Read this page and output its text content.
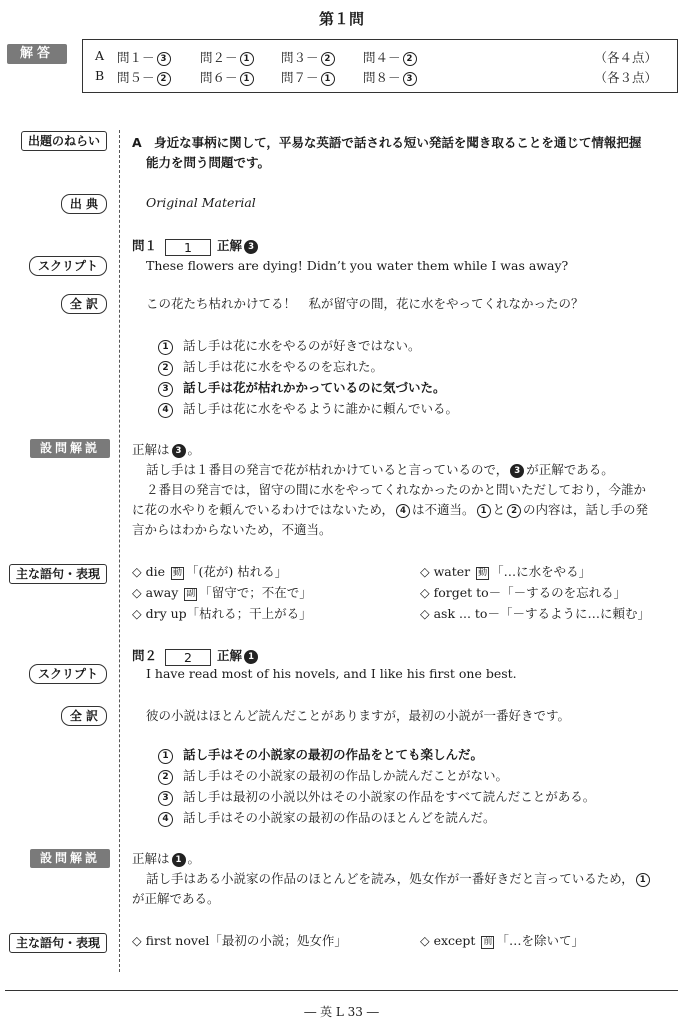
第１問
解答	A 問１－ 3	問２－ 1	問３－ 2	問４－ 2	（各４点）
B 問５－ 2	問６－ 1	問７－ 1	問８－ 3	（各３点）
出題のねらい	A　身近な事柄に関して，平易な英語で話される短い発話を聞き取ることを通じて情報把握
能力を問う問題です。
出 典	Original Material
問１ 1 正解 3
スクリプト	These flowers are dying! Didn’t you water them while I was away?
全 訳	この花たち枯れかけてる！　私が留守の間，花に水をやってくれなかったの？
1 話し手は花に水をやるのが好きではない。
2 話し手は花に水をやるのを忘れた。
3 話し手は花が枯れかかっているのに気づいた。
4 話し手は花に水をやるように誰かに頼んでいる。
設問解説	正解は 3 。
話し手は１番目の発言で花が枯れかけていると言っているので， 3 が正解である。
２番目の発言では，留守の間に水をやってくれなかったのかと問いただしており，今誰か
に花の水やりを頼んでいるわけではないため， 4 は不適当。 1 と 2 の内容は，話し手の発
言からはわからないため，不適当。
主な語句・表現	◇ die 動 「(花が) 枯れる」	◇ water 動 「…に水をやる」
◇ away 副 「留守で；不在で」	◇ forget to－「－するのを忘れる」
◇ dry up「枯れる；干上がる」	◇ ask ... to－「－するように…に頼む」
問２ 2 正解 1
スクリプト	I have read most of his novels, and I like his first one best.
全 訳	彼の小説はほとんど読んだことがありますが，最初の小説が一番好きです。
1 話し手はその小説家の最初の作品をとても楽しんだ。
2 話し手はその小説家の最初の作品しか読んだことがない。
3 話し手は最初の小説以外はその小説家の作品をすべて読んだことがある。
4 話し手はその小説家の最初の作品のほとんどを読んだ。
設問解説	正解は 1 。
話し手はある小説家の作品のほとんどを読み，処女作が一番好きだと言っているため， 1
が正解である。
主な語句・表現	◇ first novel「最初の小説；処女作」	◇ except 前 「…を除いて」
― 英 L 33 ―
